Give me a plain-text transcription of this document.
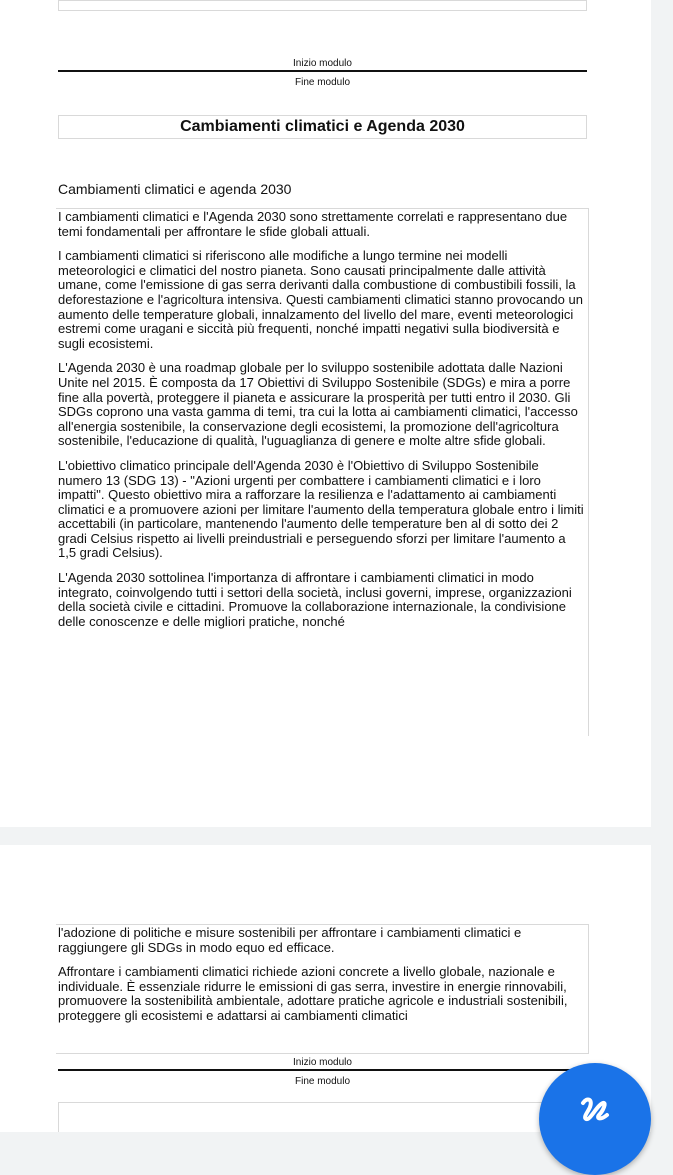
Inizio modulo
Fine modulo
Cambiamenti climatici e Agenda 2030
Cambiamenti climatici e agenda 2030

I cambiamenti climatici e l'Agenda 2030 sono strettamente correlati e rappresentano due temi fondamentali per affrontare le sfide globali attuali.

I cambiamenti climatici si riferiscono alle modifiche a lungo termine nei modelli meteorologici e climatici del nostro pianeta. Sono causati principalmente dalle attività umane, come l'emissione di gas serra derivanti dalla combustione di combustibili fossili, la deforestazione e l'agricoltura intensiva. Questi cambiamenti climatici stanno provocando un aumento delle temperature globali, innalzamento del livello del mare, eventi meteorologici estremi come uragani e siccità più frequenti, nonché impatti negativi sulla biodiversità e sugli ecosistemi.

L'Agenda 2030 è una roadmap globale per lo sviluppo sostenibile adottata dalle Nazioni Unite nel 2015. È composta da 17 Obiettivi di Sviluppo Sostenibile (SDGs) e mira a porre fine alla povertà, proteggere il pianeta e assicurare la prosperità per tutti entro il 2030. Gli SDGs coprono una vasta gamma di temi, tra cui la lotta ai cambiamenti climatici, l'accesso all'energia sostenibile, la conservazione degli ecosistemi, la promozione dell'agricoltura sostenibile, l'educazione di qualità, l'uguaglianza di genere e molte altre sfide globali.

L'obiettivo climatico principale dell'Agenda 2030 è l'Obiettivo di Sviluppo Sostenibile numero 13 (SDG 13) - "Azioni urgenti per combattere i cambiamenti climatici e i loro impatti". Questo obiettivo mira a rafforzare la resilienza e l'adattamento ai cambiamenti climatici e a promuovere azioni per limitare l'aumento della temperatura globale entro i limiti accettabili (in particolare, mantenendo l'aumento delle temperature ben al di sotto dei 2 gradi Celsius rispetto ai livelli preindustriali e perseguendo sforzi per limitare l'aumento a 1,5 gradi Celsius).

L'Agenda 2030 sottolinea l'importanza di affrontare i cambiamenti climatici in modo integrato, coinvolgendo tutti i settori della società, inclusi governi, imprese, organizzazioni della società civile e cittadini. Promuove la collaborazione internazionale, la condivisione delle conoscenze e delle migliori pratiche, nonché

l'adozione di politiche e misure sostenibili per affrontare i cambiamenti climatici e raggiungere gli SDGs in modo equo ed efficace.

Affrontare i cambiamenti climatici richiede azioni concrete a livello globale, nazionale e individuale. È essenziale ridurre le emissioni di gas serra, investire in energie rinnovabili, promuovere la sostenibilità ambientale, adottare pratiche agricole e industriali sostenibili, proteggere gli ecosistemi e adattarsi ai cambiamenti climatici

Inizio modulo
Fine modulo
